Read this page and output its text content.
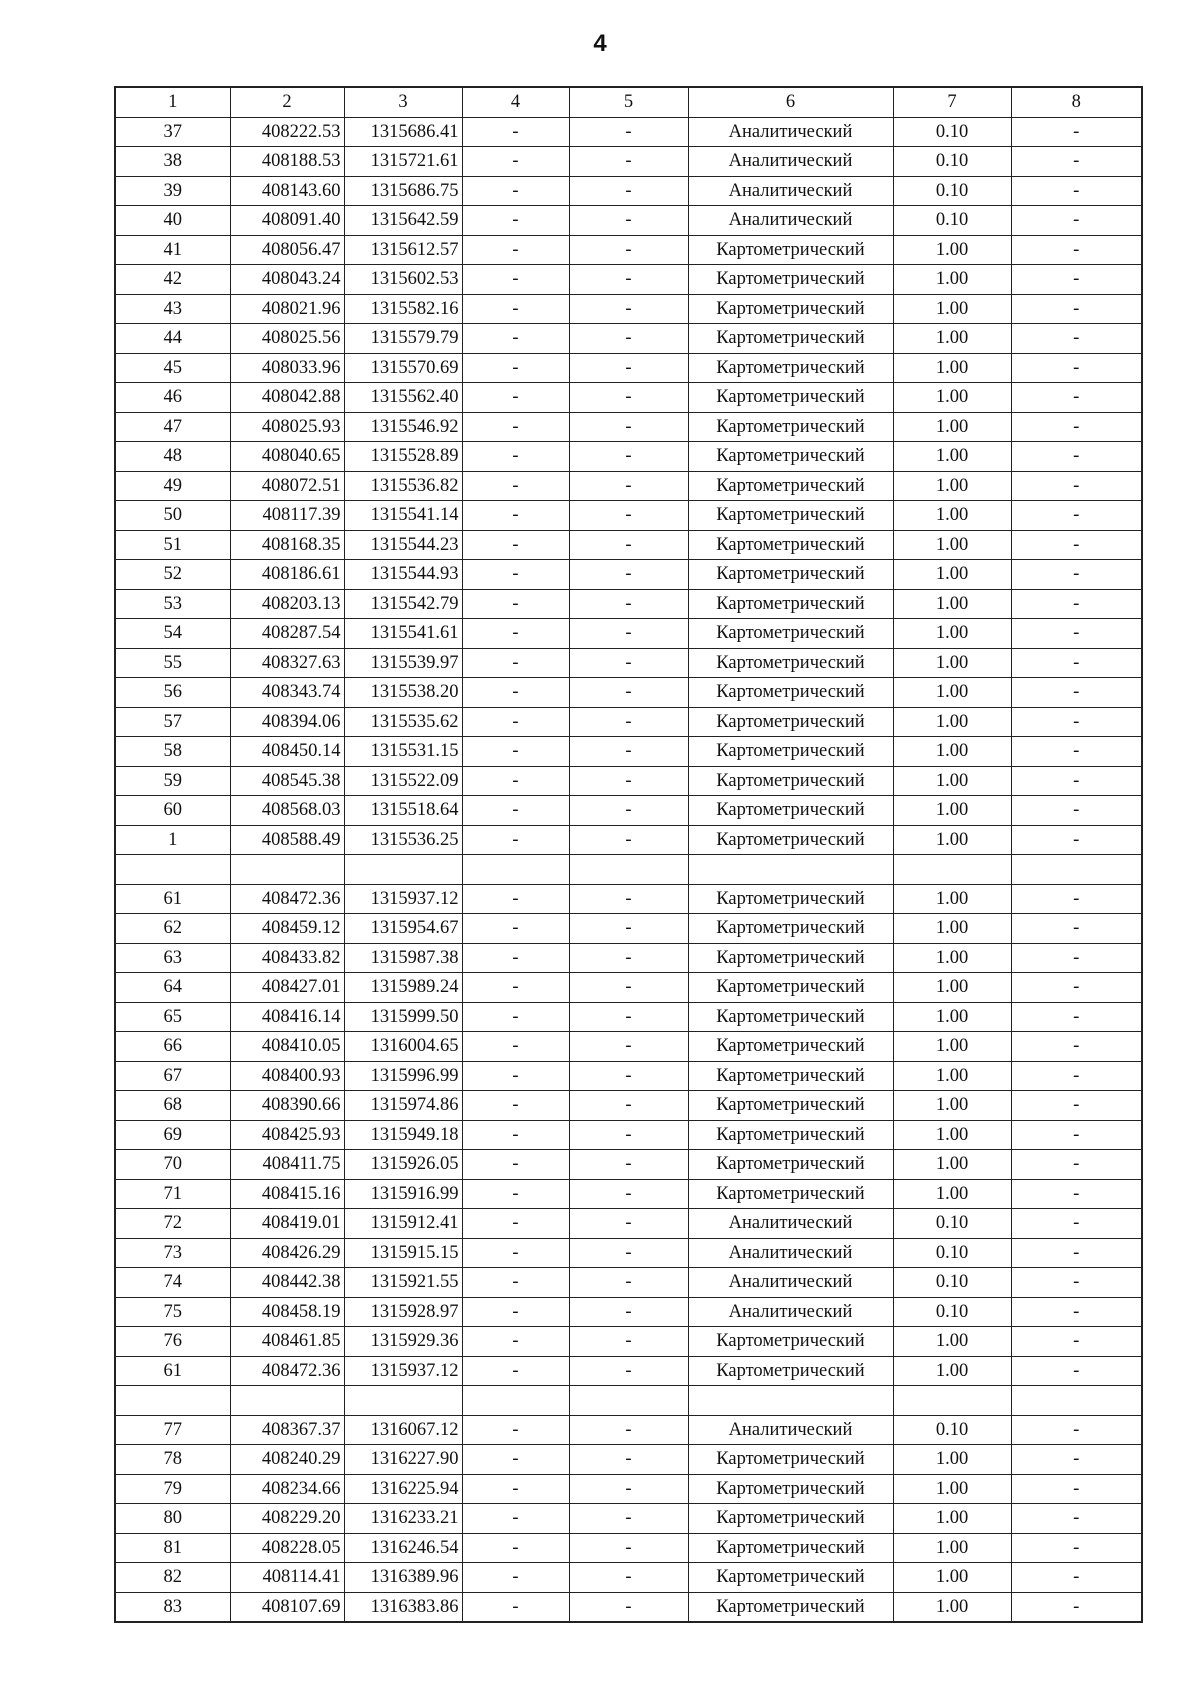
4
1	2	3	4	5	6	7	8
37	408222.53	1315686.41	-	-	Аналитический	0.10	-
38	408188.53	1315721.61	-	-	Аналитический	0.10	-
39	408143.60	1315686.75	-	-	Аналитический	0.10	-
40	408091.40	1315642.59	-	-	Аналитический	0.10	-
41	408056.47	1315612.57	-	-	Картометрический	1.00	-
42	408043.24	1315602.53	-	-	Картометрический	1.00	-
43	408021.96	1315582.16	-	-	Картометрический	1.00	-
44	408025.56	1315579.79	-	-	Картометрический	1.00	-
45	408033.96	1315570.69	-	-	Картометрический	1.00	-
46	408042.88	1315562.40	-	-	Картометрический	1.00	-
47	408025.93	1315546.92	-	-	Картометрический	1.00	-
48	408040.65	1315528.89	-	-	Картометрический	1.00	-
49	408072.51	1315536.82	-	-	Картометрический	1.00	-
50	408117.39	1315541.14	-	-	Картометрический	1.00	-
51	408168.35	1315544.23	-	-	Картометрический	1.00	-
52	408186.61	1315544.93	-	-	Картометрический	1.00	-
53	408203.13	1315542.79	-	-	Картометрический	1.00	-
54	408287.54	1315541.61	-	-	Картометрический	1.00	-
55	408327.63	1315539.97	-	-	Картометрический	1.00	-
56	408343.74	1315538.20	-	-	Картометрический	1.00	-
57	408394.06	1315535.62	-	-	Картометрический	1.00	-
58	408450.14	1315531.15	-	-	Картометрический	1.00	-
59	408545.38	1315522.09	-	-	Картометрический	1.00	-
60	408568.03	1315518.64	-	-	Картометрический	1.00	-
1	408588.49	1315536.25	-	-	Картометрический	1.00	-

61	408472.36	1315937.12	-	-	Картометрический	1.00	-
62	408459.12	1315954.67	-	-	Картометрический	1.00	-
63	408433.82	1315987.38	-	-	Картометрический	1.00	-
64	408427.01	1315989.24	-	-	Картометрический	1.00	-
65	408416.14	1315999.50	-	-	Картометрический	1.00	-
66	408410.05	1316004.65	-	-	Картометрический	1.00	-
67	408400.93	1315996.99	-	-	Картометрический	1.00	-
68	408390.66	1315974.86	-	-	Картометрический	1.00	-
69	408425.93	1315949.18	-	-	Картометрический	1.00	-
70	408411.75	1315926.05	-	-	Картометрический	1.00	-
71	408415.16	1315916.99	-	-	Картометрический	1.00	-
72	408419.01	1315912.41	-	-	Аналитический	0.10	-
73	408426.29	1315915.15	-	-	Аналитический	0.10	-
74	408442.38	1315921.55	-	-	Аналитический	0.10	-
75	408458.19	1315928.97	-	-	Аналитический	0.10	-
76	408461.85	1315929.36	-	-	Картометрический	1.00	-
61	408472.36	1315937.12	-	-	Картометрический	1.00	-

77	408367.37	1316067.12	-	-	Аналитический	0.10	-
78	408240.29	1316227.90	-	-	Картометрический	1.00	-
79	408234.66	1316225.94	-	-	Картометрический	1.00	-
80	408229.20	1316233.21	-	-	Картометрический	1.00	-
81	408228.05	1316246.54	-	-	Картометрический	1.00	-
82	408114.41	1316389.96	-	-	Картометрический	1.00	-
83	408107.69	1316383.86	-	-	Картометрический	1.00	-
